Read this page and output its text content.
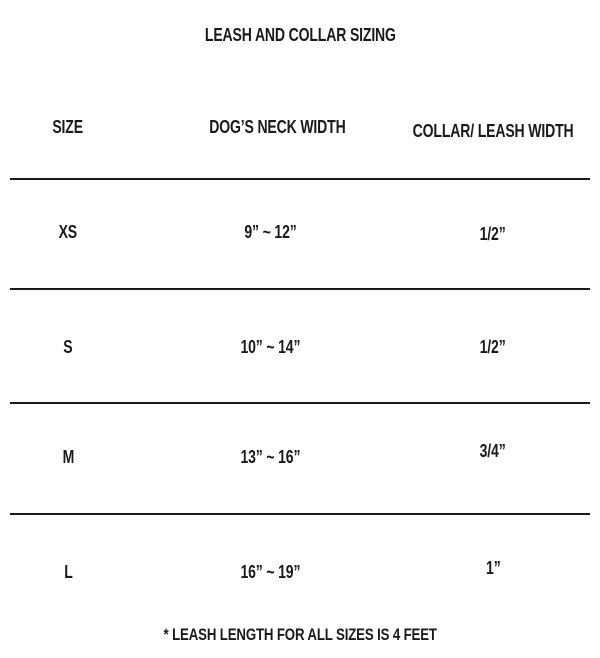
LEASH AND COLLAR SIZING
SIZE	DOG’S NECK WIDTH	COLLAR/ LEASH WIDTH
XS	9” ~ 12”	1/2”
S	10” ~ 14”	1/2”
M	13” ~ 16”	3/4”
L	16” ~ 19”	1”
* LEASH LENGTH FOR ALL SIZES IS 4 FEET
